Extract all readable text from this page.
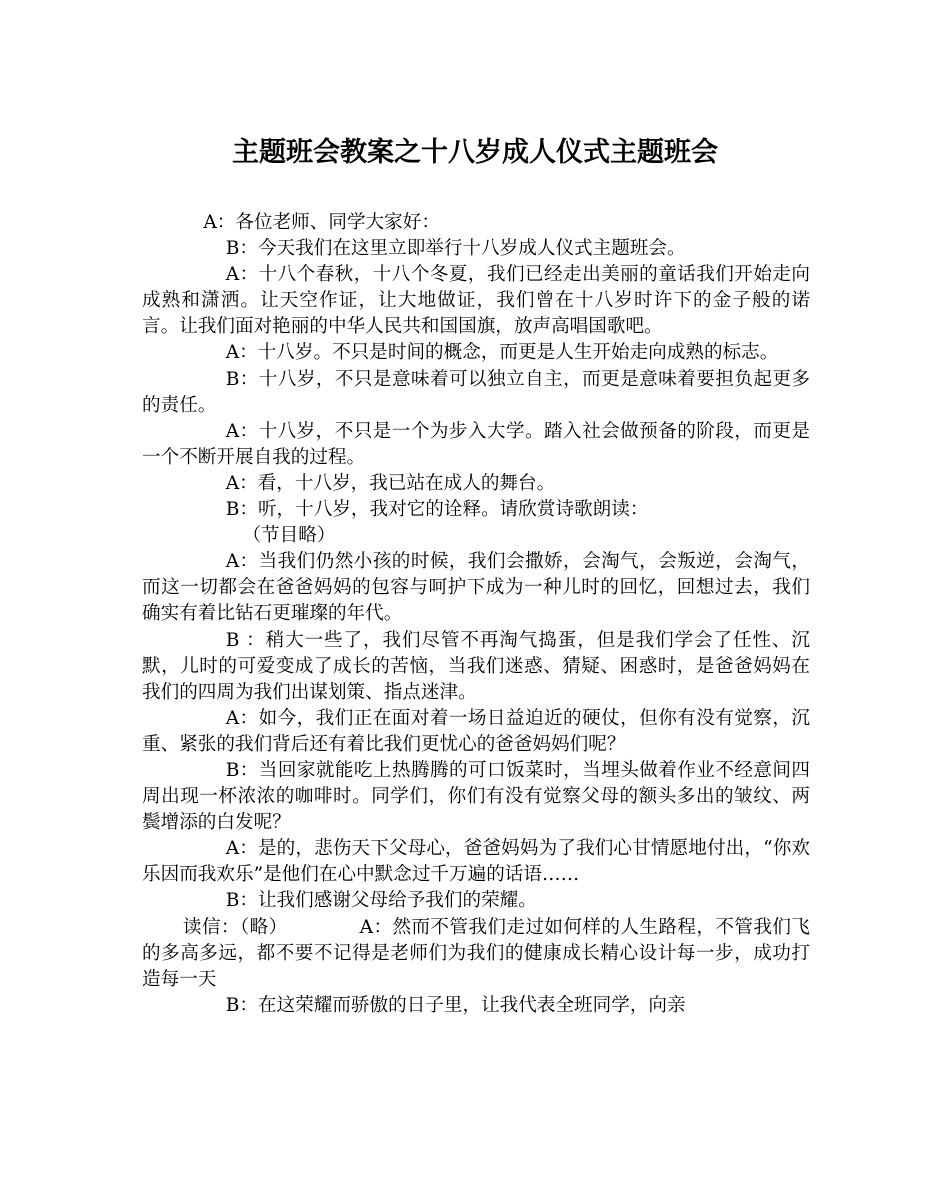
主题班会教案之十八岁成人仪式主题班会

A：各位老师、同学大家好：

B：今天我们在这里立即举行十八岁成人仪式主题班会。

A：十八个春秋，十八个冬夏，我们已经走出美丽的童话我们开始走向成熟和潇洒。让天空作证，让大地做证，我们曾在十八岁时许下的金子般的诺言。让我们面对艳丽的中华人民共和国国旗，放声高唱国歌吧。

A：十八岁。不只是时间的概念，而更是人生开始走向成熟的标志。

B：十八岁，不只是意味着可以独立自主，而更是意味着要担负起更多的责任。

A：十八岁，不只是一个为步入大学。踏入社会做预备的阶段，而更是一个不断开展自我的过程。

A：看，十八岁，我已站在成人的舞台。

B：听，十八岁，我对它的诠释。请欣赏诗歌朗读：

（节目略）

A：当我们仍然小孩的时候，我们会撒娇，会淘气，会叛逆，会淘气，而这一切都会在爸爸妈妈的包容与呵护下成为一种儿时的回忆，回想过去，我们确实有着比钻石更璀璨的年代。

B ：稍大一些了，我们尽管不再淘气捣蛋，但是我们学会了任性、沉默，儿时的可爱变成了成长的苦恼，当我们迷惑、猜疑、困惑时，是爸爸妈妈在我们的四周为我们出谋划策、指点迷津。

A：如今，我们正在面对着一场日益迫近的硬仗，但你有没有觉察，沉重、紧张的我们背后还有着比我们更忧心的爸爸妈妈们呢？

B：当回家就能吃上热腾腾的可口饭菜时，当埋头做着作业不经意间四周出现一杯浓浓的咖啡时。同学们，你们有没有觉察父母的额头多出的皱纹、两鬓增添的白发呢？

A：是的，悲伤天下父母心，爸爸妈妈为了我们心甘情愿地付出，“你欢乐因而我欢乐”是他们在心中默念过千万遍的话语……

B：让我们感谢父母给予我们的荣耀。

读信：（略）	A：然而不管我们走过如何样的人生路程，不管我们飞的多高多远，都不要不记得是老师们为我们的健康成长精心设计每一步，成功打造每一天

B：在这荣耀而骄傲的日子里，让我代表全班同学，向亲
